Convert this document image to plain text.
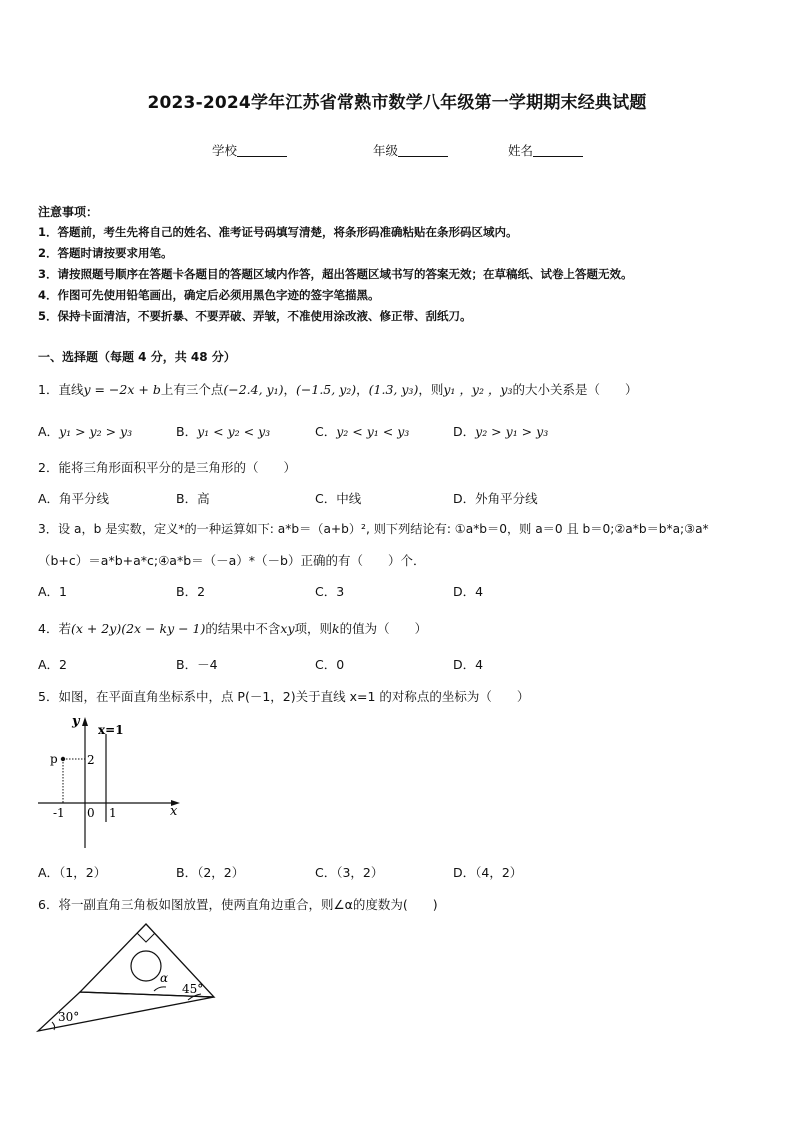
2023-2024学年江苏省常熟市数学八年级第一学期期末经典试题
学校	年级	姓名
注意事项：
1．答题前，考生先将自己的姓名、准考证号码填写清楚，将条形码准确粘贴在条形码区域内。
2．答题时请按要求用笔。
3．请按照题号顺序在答题卡各题目的答题区域内作答，超出答题区域书写的答案无效；在草稿纸、试卷上答题无效。
4．作图可先使用铅笔画出，确定后必须用黑色字迹的签字笔描黑。
5．保持卡面清洁，不要折暴、不要弄破、弄皱，不准使用涂改液、修正带、刮纸刀。
一、选择题（每题 4 分，共 48 分）
1．直线y = −2x + b上有三个点(−2.4, y₁)，(−1.5, y₂)，(1.3, y₃)，则y₁ ，y₂ ，y₃的大小关系是（　　）
A．y₁ > y₂ > y₃	B．y₁ < y₂ < y₃	C．y₂ < y₁ < y₃	D．y₂ > y₁ > y₃
2．能将三角形面积平分的是三角形的（　　）
A．角平分线	B．高	C．中线	D．外角平分线
3．设 a，b 是实数，定义*的一种运算如下: a*b＝（a+b）², 则下列结论有: ①a*b＝0，则 a＝0 且 b＝0;②a*b＝b*a;③a*
（b+c）＝a*b+a*c;④a*b＝（－a）*（－b）正确的有（　　）个．
A．1	B．2	C．3	D．4
4．若(x + 2y)(2x − ky − 1)的结果中不含xy项，则k的值为（　　）
A．2	B．－4	C．0	D．4
5．如图，在平面直角坐标系中，点 P(－1，2)关于直线 x=1 的对称点的坐标为（　　）
p
y
x
x=1
2
-1 0 1
A．（1，2）	B．（2，2）	C．（3，2）	D．（4，2）
6．将一副直角三角板如图放置，使两直角边重合，则∠α的度数为(　　)
α
45°
30°
